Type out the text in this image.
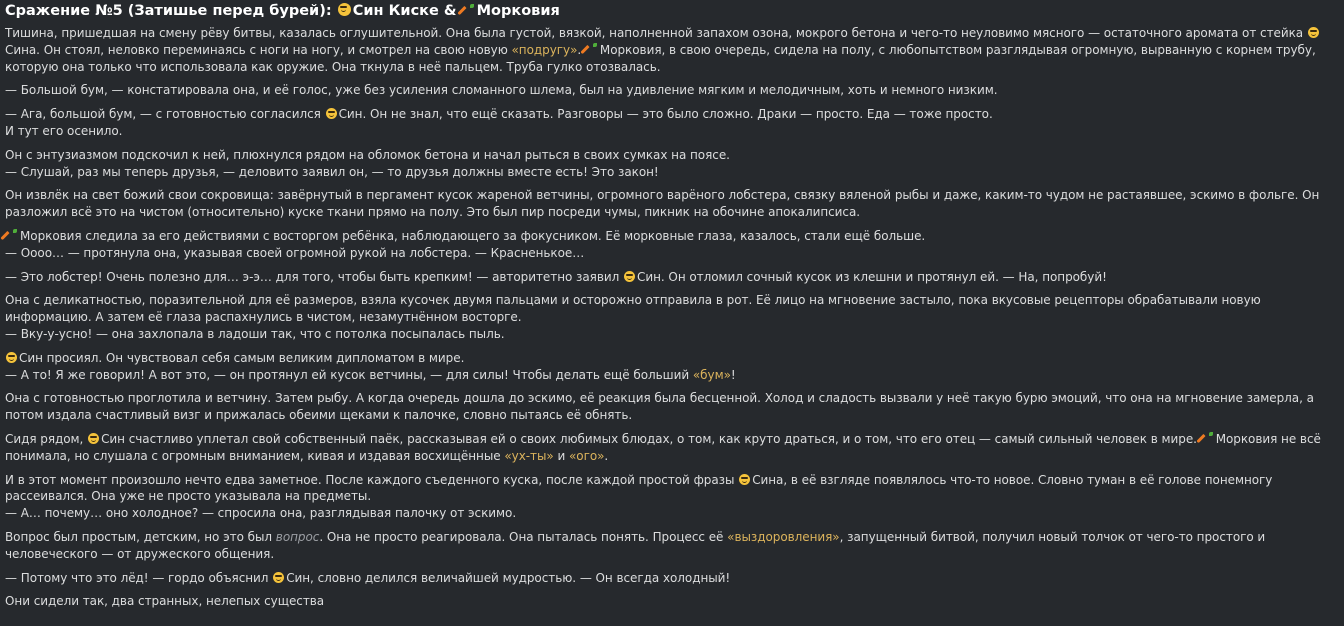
Сражение №5 (Затишье перед бурей): Син Киске & Морковия

Тишина, пришедшая на смену рёву битвы, казалась оглушительной. Она была густой, вязкой, наполненной запахом озона, мокрого бетона и чего-то неуловимо мясного — остаточного аромата от стейка Сина. Он стоял, неловко переминаясь с ноги на ногу, и смотрел на свою новую «подругу». Морковия, в свою очередь, сидела на полу, с любопытством разглядывая огромную, вырванную с корнем трубу, которую она только что использовала как оружие. Она ткнула в неё пальцем. Труба гулко отозвалась.

— Большой бум, — констатировала она, и её голос, уже без усиления сломанного шлема, был на удивление мягким и мелодичным, хоть и немного низким.

— Ага, большой бум, — с готовностью согласился Син. Он не знал, что ещё сказать. Разговоры — это было сложно. Драки — просто. Еда — тоже просто.
И тут его осенило.

Он с энтузиазмом подскочил к ней, плюхнулся рядом на обломок бетона и начал рыться в своих сумках на поясе.
— Слушай, раз мы теперь друзья, — деловито заявил он, — то друзья должны вместе есть! Это закон!

Он извлёк на свет божий свои сокровища: завёрнутый в пергамент кусок жареной ветчины, огромного варёного лобстера, связку вяленой рыбы и даже, каким-то чудом не растаявшее, эскимо в фольге. Он разложил всё это на чистом (относительно) куске ткани прямо на полу. Это был пир посреди чумы, пикник на обочине апокалипсиса.

Морковия следила за его действиями с восторгом ребёнка, наблюдающего за фокусником. Её морковные глаза, казалось, стали ещё больше.
— Оооо… — протянула она, указывая своей огромной рукой на лобстера. — Красненькое…

— Это лобстер! Очень полезно для… э-э… для того, чтобы быть крепким! — авторитетно заявил Син. Он отломил сочный кусок из клешни и протянул ей. — На, попробуй!

Она с деликатностью, поразительной для её размеров, взяла кусочек двумя пальцами и осторожно отправила в рот. Её лицо на мгновение застыло, пока вкусовые рецепторы обрабатывали новую информацию. А затем её глаза распахнулись в чистом, незамутнённом восторге.
— Вку-у-усно! — она захлопала в ладоши так, что с потолка посыпалась пыль.

Син просиял. Он чувствовал себя самым великим дипломатом в мире.
— А то! Я же говорил! А вот это, — он протянул ей кусок ветчины, — для силы! Чтобы делать ещё больший «бум»!

Она с готовностью проглотила и ветчину. Затем рыбу. А когда очередь дошла до эскимо, её реакция была бесценной. Холод и сладость вызвали у неё такую бурю эмоций, что она на мгновение замерла, а потом издала счастливый визг и прижалась обеими щеками к палочке, словно пытаясь её обнять.

Сидя рядом, Син счастливо уплетал свой собственный паёк, рассказывая ей о своих любимых блюдах, о том, как круто драться, и о том, что его отец — самый сильный человек в мире. Морковия не всё понимала, но слушала с огромным вниманием, кивая и издавая восхищённые «ух-ты» и «ого».

И в этот момент произошло нечто едва заметное. После каждого съеденного куска, после каждой простой фразы Сина, в её взгляде появлялось что-то новое. Словно туман в её голове понемногу рассеивался. Она уже не просто указывала на предметы.
— А… почему… оно холодное? — спросила она, разглядывая палочку от эскимо.

Вопрос был простым, детским, но это был вопрос. Она не просто реагировала. Она пыталась понять. Процесс её «выздоровления», запущенный битвой, получил новый толчок от чего-то простого и человеческого — от дружеского общения.

— Потому что это лёд! — гордо объяснил Син, словно делился величайшей мудростью. — Он всегда холодный!

Они сидели так, два странных, нелепых существа
